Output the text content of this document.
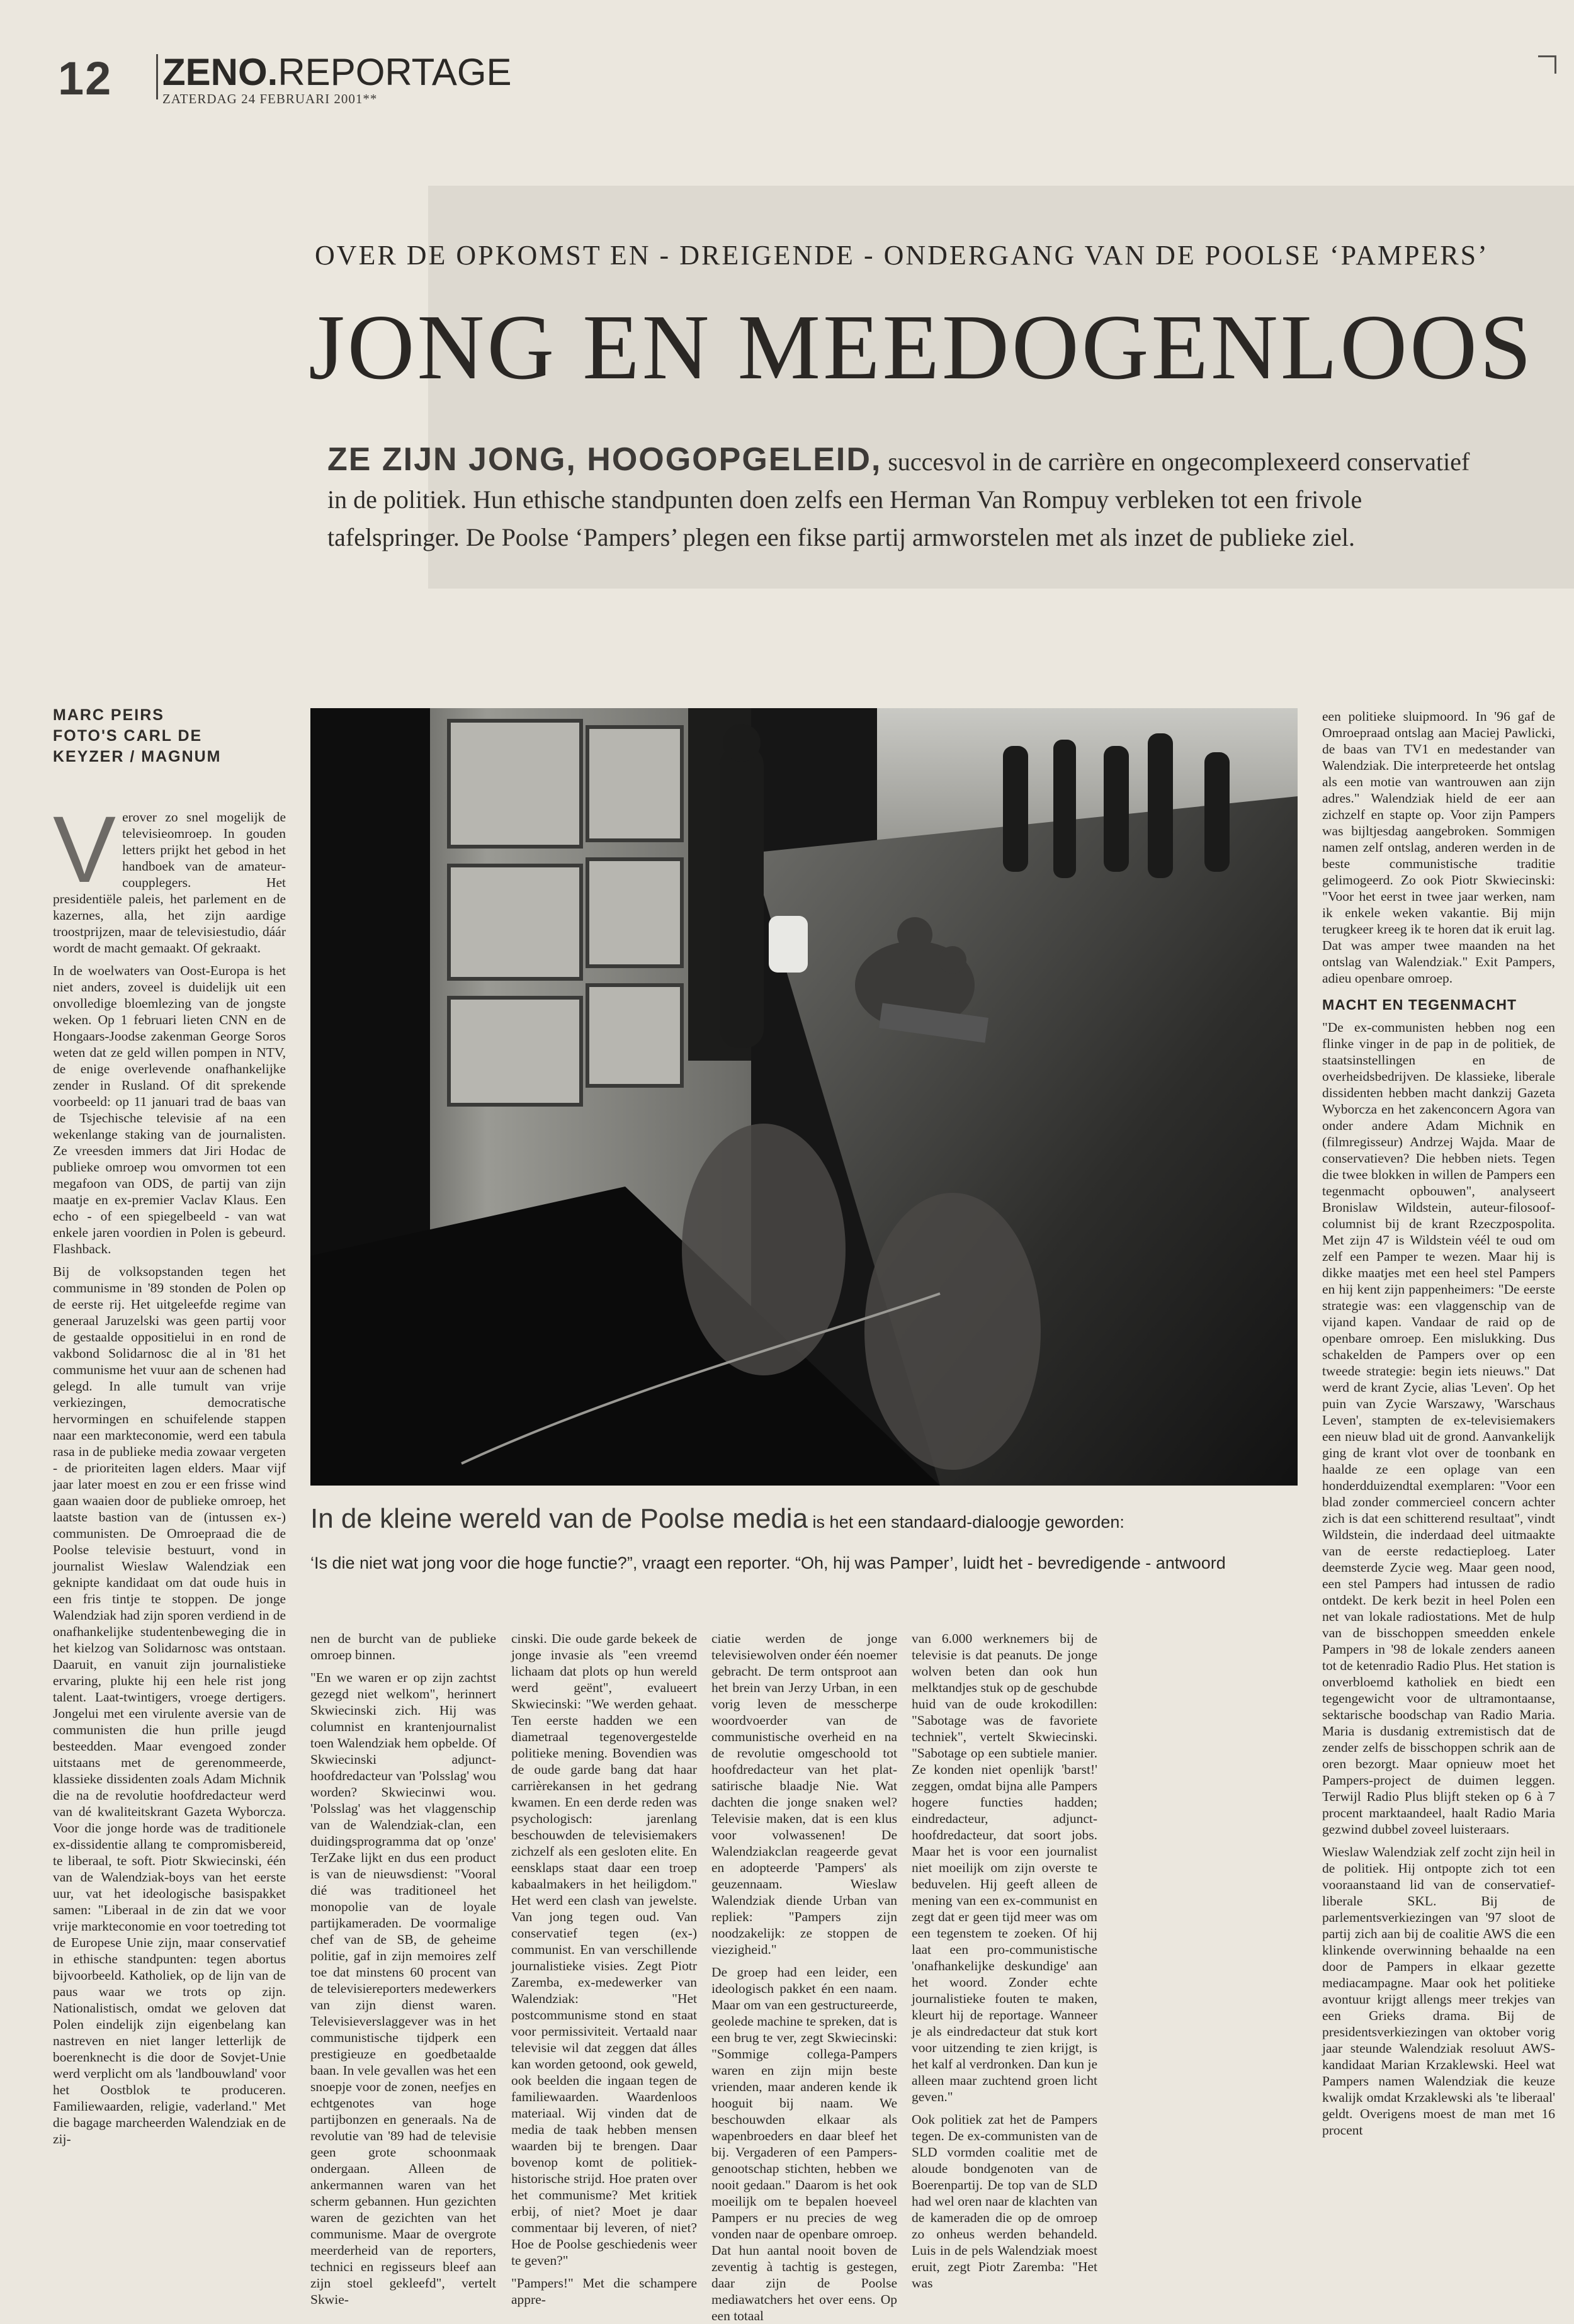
12 ZENO.REPORTAGE
ZATERDAG 24 FEBRUARI 2001**
OVER DE OPKOMST EN - DREIGENDE - ONDERGANG VAN DE POOLSE ‘PAMPERS’
JONG EN MEEDOGENLOOS
ZE ZIJN JONG, HOOGOPGELEID, succesvol in de carrière en ongecomplexeerd conservatief in de politiek. Hun ethische standpunten doen zelfs een Herman Van Rompuy verbleken tot een frivole tafelspringer. De Poolse ‘Pampers’ plegen een fikse partij armworstelen met als inzet de publieke ziel.
MARC PEIRS
FOTO'S CARL DE KEYZER / MAGNUM
In de kleine wereld van de Poolse media is het een standaard-dialoogje geworden:
‘Is die niet wat jong voor die hoge functie?”, vraagt een reporter. “Oh, hij was Pamper’, luidt het - bevredigende - antwoord
V erover zo snel mogelijk de televisieomroep. In gouden letters prijkt het gebod in het handboek van de amateur-coupplegers. Het presidentiële paleis, het parlement en de kazernes, alla, het zijn aardige troostprijzen, maar de televisiestudio, dáár wordt de macht gemaakt. Of gekraakt.

In de woelwaters van Oost-Europa is het niet anders, zoveel is duidelijk uit een onvolledige bloemlezing van de jongste weken. Op 1 februari lieten CNN en de Hongaars-Joodse zakenman George Soros weten dat ze geld willen pompen in NTV, de enige overlevende onafhankelijke zender in Rusland. Of dit sprekende voorbeeld: op 11 januari trad de baas van de Tsjechische televisie af na een wekenlange staking van de journalisten. Ze vreesden immers dat Jiri Hodac de publieke omroep wou omvormen tot een megafoon van ODS, de partij van zijn maatje en ex-premier Vaclav Klaus. Een echo - of een spiegelbeeld - van wat enkele jaren voordien in Polen is gebeurd. Flashback.

Bij de volksopstanden tegen het communisme in '89 stonden de Polen op de eerste rij. Het uitgeleefde regime van generaal Jaruzelski was geen partij voor de gestaalde oppositielui in en rond de vakbond Solidarnosc die al in '81 het communisme het vuur aan de schenen had gelegd. In alle tumult van vrije verkiezingen, democratische hervormingen en schuifelende stappen naar een markteconomie, werd een tabula rasa in de publieke media zowaar vergeten - de prioriteiten lagen elders. Maar vijf jaar later moest en zou er een frisse wind gaan waaien door de publieke omroep, het laatste bastion van de (intussen ex-) communisten. De Omroepraad die de Poolse televisie bestuurt, vond in journalist Wieslaw Walendziak een geknipte kandidaat om dat oude huis in een fris tintje te stoppen. De jonge Walendziak had zijn sporen verdiend in de onafhankelijke studentenbeweging die in het kielzog van Solidarnosc was ontstaan. Daaruit, en vanuit zijn journalistieke ervaring, plukte hij een hele rist jong talent. Laat-twintigers, vroege dertigers. Jongelui met een virulente aversie van de communisten die hun prille jeugd besteedden. Maar evengoed zonder uitstaans met de gerenommeerde, klassieke dissidenten zoals Adam Michnik die na de revolutie hoofdredacteur werd van dé kwaliteitskrant Gazeta Wyborcza. Voor die jonge horde was de traditionele ex-dissidentie allang te compromisbereid, te liberaal, te soft. Piotr Skwiecinski, één van de Walendziak-boys van het eerste uur, vat het ideologische basispakket samen: "Liberaal in de zin dat we voor vrije markteconomie en voor toetreding tot de Europese Unie zijn, maar conservatief in ethische standpunten: tegen abortus bijvoorbeeld. Katholiek, op de lijn van de paus waar we trots op zijn. Nationalistisch, omdat we geloven dat Polen eindelijk zijn eigenbelang kan nastreven en niet langer letterlijk de boerenknecht is die door de Sovjet-Unie werd verplicht om als 'landbouwland' voor het Oostblok te produceren. Familiewaarden, religie, vaderland." Met die bagage marcheerden Walendziak en de zij-

nen de burcht van de publieke omroep binnen.

"En we waren er op zijn zachtst gezegd niet welkom", herinnert Skwiecinski zich. Hij was columnist en krantenjournalist toen Walendziak hem opbelde. Of Skwiecinski adjunct-hoofdredacteur van 'Polsslag' wou worden? Skwiecinwi wou. 'Polsslag' was het vlaggenschip van de Walendziak-clan, een duidingsprogramma dat op 'onze' TerZake lijkt en dus een product is van de nieuwsdienst: "Vooral dié was traditioneel het monopolie van de loyale partijkameraden. De voormalige chef van de SB, de geheime politie, gaf in zijn memoires zelf toe dat minstens 60 procent van de televisiereporters medewerkers van zijn dienst waren. Televisieverslaggever was in het communistische tijdperk een prestigieuze en goedbetaalde baan. In vele gevallen was het een snoepje voor de zonen, neefjes en echtgenotes van hoge partijbonzen en generaals. Na de revolutie van '89 had de televisie geen grote schoonmaak ondergaan. Alleen de ankermannen waren van het scherm gebannen. Hun gezichten waren de gezichten van het communisme. Maar de overgrote meerderheid van de reporters, technici en regisseurs bleef aan zijn stoel gekleefd", vertelt Skwie-

cinski. Die oude garde bekeek de jonge invasie als "een vreemd lichaam dat plots op hun wereld werd geënt", evalueert Skwiecinski: "We werden gehaat. Ten eerste hadden we een diametraal tegenovergestelde politieke mening. Bovendien was de oude garde bang dat haar carrièrekansen in het gedrang kwamen. En een derde reden was psychologisch: jarenlang beschouwden de televisiemakers zichzelf als een gesloten elite. En eensklaps staat daar een troep kabaalmakers in het heiligdom." Het werd een clash van jewelste. Van jong tegen oud. Van conservatief tegen (ex-) communist. En van verschillende journalistieke visies. Zegt Piotr Zaremba, ex-medewerker van Walendziak: "Het postcommunisme stond en staat voor permissiviteit. Vertaald naar televisie wil dat zeggen dat álles kan worden getoond, ook geweld, ook beelden die ingaan tegen de familiewaarden. Waardenloos materiaal. Wij vinden dat de media de taak hebben mensen waarden bij te brengen. Daar bovenop komt de politiek-historische strijd. Hoe praten over het communisme? Met kritiek erbij, of niet? Moet je daar commentaar bij leveren, of niet? Hoe de Poolse geschiedenis weer te geven?"

"Pampers!" Met die schampere appre-

ciatie werden de jonge televisiewolven onder één noemer gebracht. De term ontsproot aan het brein van Jerzy Urban, in een vorig leven de messcherpe woordvoerder van de communistische overheid en na de revolutie omgeschoold tot hoofdredacteur van het plat-satirische blaadje Nie. Wat dachten die jonge snaken wel? Televisie maken, dat is een klus voor volwassenen! De Walendziakclan reageerde gevat en adopteerde 'Pampers' als geuzennaam. Wieslaw Walendziak diende Urban van repliek: "Pampers zijn noodzakelijk: ze stoppen de viezigheid."

De groep had een leider, een ideologisch pakket én een naam. Maar om van een gestructureerde, geolede machine te spreken, dat is een brug te ver, zegt Skwiecinski: "Sommige collega-Pampers waren en zijn mijn beste vrienden, maar anderen kende ik hooguit bij naam. We beschouwden elkaar als wapenbroeders en daar bleef het bij. Vergaderen of een Pampers-genootschap stichten, hebben we nooit gedaan." Daarom is het ook moeilijk om te bepalen hoeveel Pampers er nu precies de weg vonden naar de openbare omroep. Dat hun aantal nooit boven de zeventig à tachtig is gestegen, daar zijn de Poolse mediawatchers het over eens. Op een totaal

van 6.000 werknemers bij de televisie is dat peanuts. De jonge wolven beten dan ook hun melktandjes stuk op de geschubde huid van de oude krokodillen: "Sabotage was de favoriete techniek", vertelt Skwiecinski. "Sabotage op een subtiele manier. Ze konden niet openlijk 'barst!' zeggen, omdat bijna alle Pampers hogere functies hadden; eindredacteur, adjunct-hoofdredacteur, dat soort jobs. Maar het is voor een journalist niet moeilijk om zijn overste te beduvelen. Hij geeft alleen de mening van een ex-communist en zegt dat er geen tijd meer was om een tegenstem te zoeken. Of hij laat een pro-communistische 'onafhankelijke deskundige' aan het woord. Zonder echte journalistieke fouten te maken, kleurt hij de reportage. Wanneer je als eindredacteur dat stuk kort voor uitzending te zien krijgt, is het kalf al verdronken. Dan kun je alleen maar zuchtend groen licht geven."

Ook politiek zat het de Pampers tegen. De ex-communisten van de SLD vormden coalitie met de aloude bondgenoten van de Boerenpartij. De top van de SLD had wel oren naar de klachten van de kameraden die op de omroep zo onheus werden behandeld. Luis in de pels Walendziak moest eruit, zegt Piotr Zaremba: "Het was

een politieke sluipmoord. In '96 gaf de Omroepraad ontslag aan Maciej Pawlicki, de baas van TV1 en medestander van Walendziak. Die interpreteerde het ontslag als een motie van wantrouwen aan zijn adres." Walendziak hield de eer aan zichzelf en stapte op. Voor zijn Pampers was bijltjesdag aangebroken. Sommigen namen zelf ontslag, anderen werden in de beste communistische traditie gelimogeerd. Zo ook Piotr Skwiecinski: "Voor het eerst in twee jaar werken, nam ik enkele weken vakantie. Bij mijn terugkeer kreeg ik te horen dat ik eruit lag. Dat was amper twee maanden na het ontslag van Walendziak." Exit Pampers, adieu openbare omroep.

MACHT EN TEGENMACHT

"De ex-communisten hebben nog een flinke vinger in de pap in de politiek, de staatsinstellingen en de overheidsbedrijven. De klassieke, liberale dissidenten hebben macht dankzij Gazeta Wyborcza en het zakenconcern Agora van onder andere Adam Michnik en (filmregisseur) Andrzej Wajda. Maar de conservatieven? Die hebben niets. Tegen die twee blokken in willen de Pampers een tegenmacht opbouwen", analyseert Bronislaw Wildstein, auteur-filosoof-columnist bij de krant Rzeczpospolita. Met zijn 47 is Wildstein véél te oud om zelf een Pamper te wezen. Maar hij is dikke maatjes met een heel stel Pampers en hij kent zijn pappenheimers: "De eerste strategie was: een vlaggenschip van de vijand kapen. Vandaar de raid op de openbare omroep. Een mislukking. Dus schakelden de Pampers over op een tweede strategie: begin iets nieuws." Dat werd de krant Zycie, alias 'Leven'. Op het puin van Zycie Warszawy, 'Warschaus Leven', stampten de ex-televisiemakers een nieuw blad uit de grond. Aanvankelijk ging de krant vlot over de toonbank en haalde ze een oplage van een honderdduizendtal exemplaren: "Voor een blad zonder commercieel concern achter zich is dat een schitterend resultaat", vindt Wildstein, die inderdaad deel uitmaakte van de eerste redactieploeg. Later deemsterde Zycie weg. Maar geen nood, een stel Pampers had intussen de radio ontdekt. De kerk bezit in heel Polen een net van lokale radiostations. Met de hulp van de bisschoppen smeedden enkele Pampers in '98 de lokale zenders aaneen tot de ketenradio Radio Plus. Het station is onverbloemd katholiek en biedt een tegengewicht voor de ultramontaanse, sektarische boodschap van Radio Maria. Maria is dusdanig extremistisch dat de zender zelfs de bisschoppen schrik aan de oren bezorgt. Maar opnieuw moet het Pampers-project de duimen leggen. Terwijl Radio Plus blijft steken op 6 à 7 procent marktaandeel, haalt Radio Maria gezwind dubbel zoveel luisteraars.

Wieslaw Walendziak zelf zocht zijn heil in de politiek. Hij ontpopte zich tot een vooraanstaand lid van de conservatief-liberale SKL. Bij de parlementsverkiezingen van '97 sloot de partij zich aan bij de coalitie AWS die een klinkende overwinning behaalde na een door de Pampers in elkaar gezette mediacampagne. Maar ook het politieke avontuur krijgt allengs meer trekjes van een Grieks drama. Bij de presidentsverkiezingen van oktober vorig jaar steunde Walendziak resoluut AWS-kandidaat Marian Krzaklewski. Heel wat Pampers namen Walendziak die keuze kwalijk omdat Krzaklewski als 'te liberaal' geldt. Overigens moest de man met 16 procent
